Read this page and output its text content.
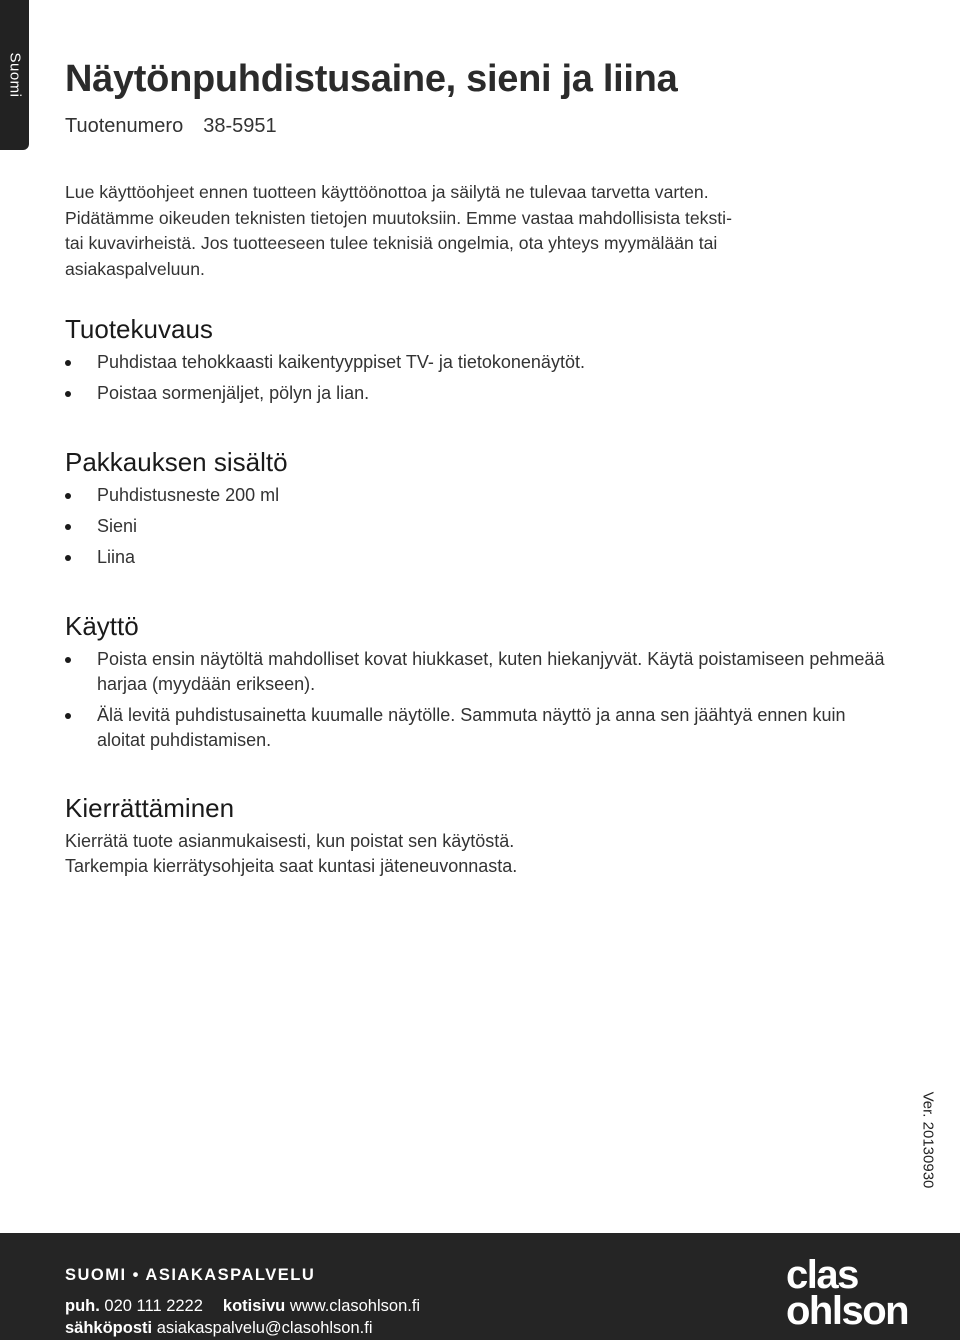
Suomi Näytönpuhdistusaine, sieni ja liina
Tuotenumero 38-5951

Lue käyttöohjeet ennen tuotteen käyttöönottoa ja säilytä ne tulevaa tarvetta varten.

Pidätämme oikeuden teknisten tietojen muutoksiin. Emme vastaa mahdollisista teksti-

tai kuvavirheistä. Jos tuotteeseen tulee teknisiä ongelmia, ota yhteys myymälään tai

asiakaspalveluun.

Tuotekuvaus
Puhdistaa tehokkaasti kaikentyyppiset TV- ja tietokonenäytöt.
Poistaa sormenjäljet, pölyn ja lian.
Pakkauksen sisältö
Puhdistusneste 200 ml
Sieni
Liina
Käyttö
Poista ensin näytöltä mahdolliset kovat hiukkaset, kuten hiekanjyvät. Käytä poistamiseen pehmeää harjaa (myydään erikseen).
Älä levitä puhdistusainetta kuumalle näytölle. Sammuta näyttö ja anna sen jäähtyä ennen kuin aloitat puhdistamisen.
Kierrättäminen

Kierrätä tuote asianmukaisesti, kun poistat sen käytöstä.

Tarkempia kierrätysohjeita saat kuntasi jäteneuvonnasta.

Ver. 20130930
SUOMI • ASIAKASPALVELU
puh. 020 111 2222 kotisivu www.clasohlson.fi
sähköposti asiakaspalvelu@clasohlson.fi
clas
ohlson
